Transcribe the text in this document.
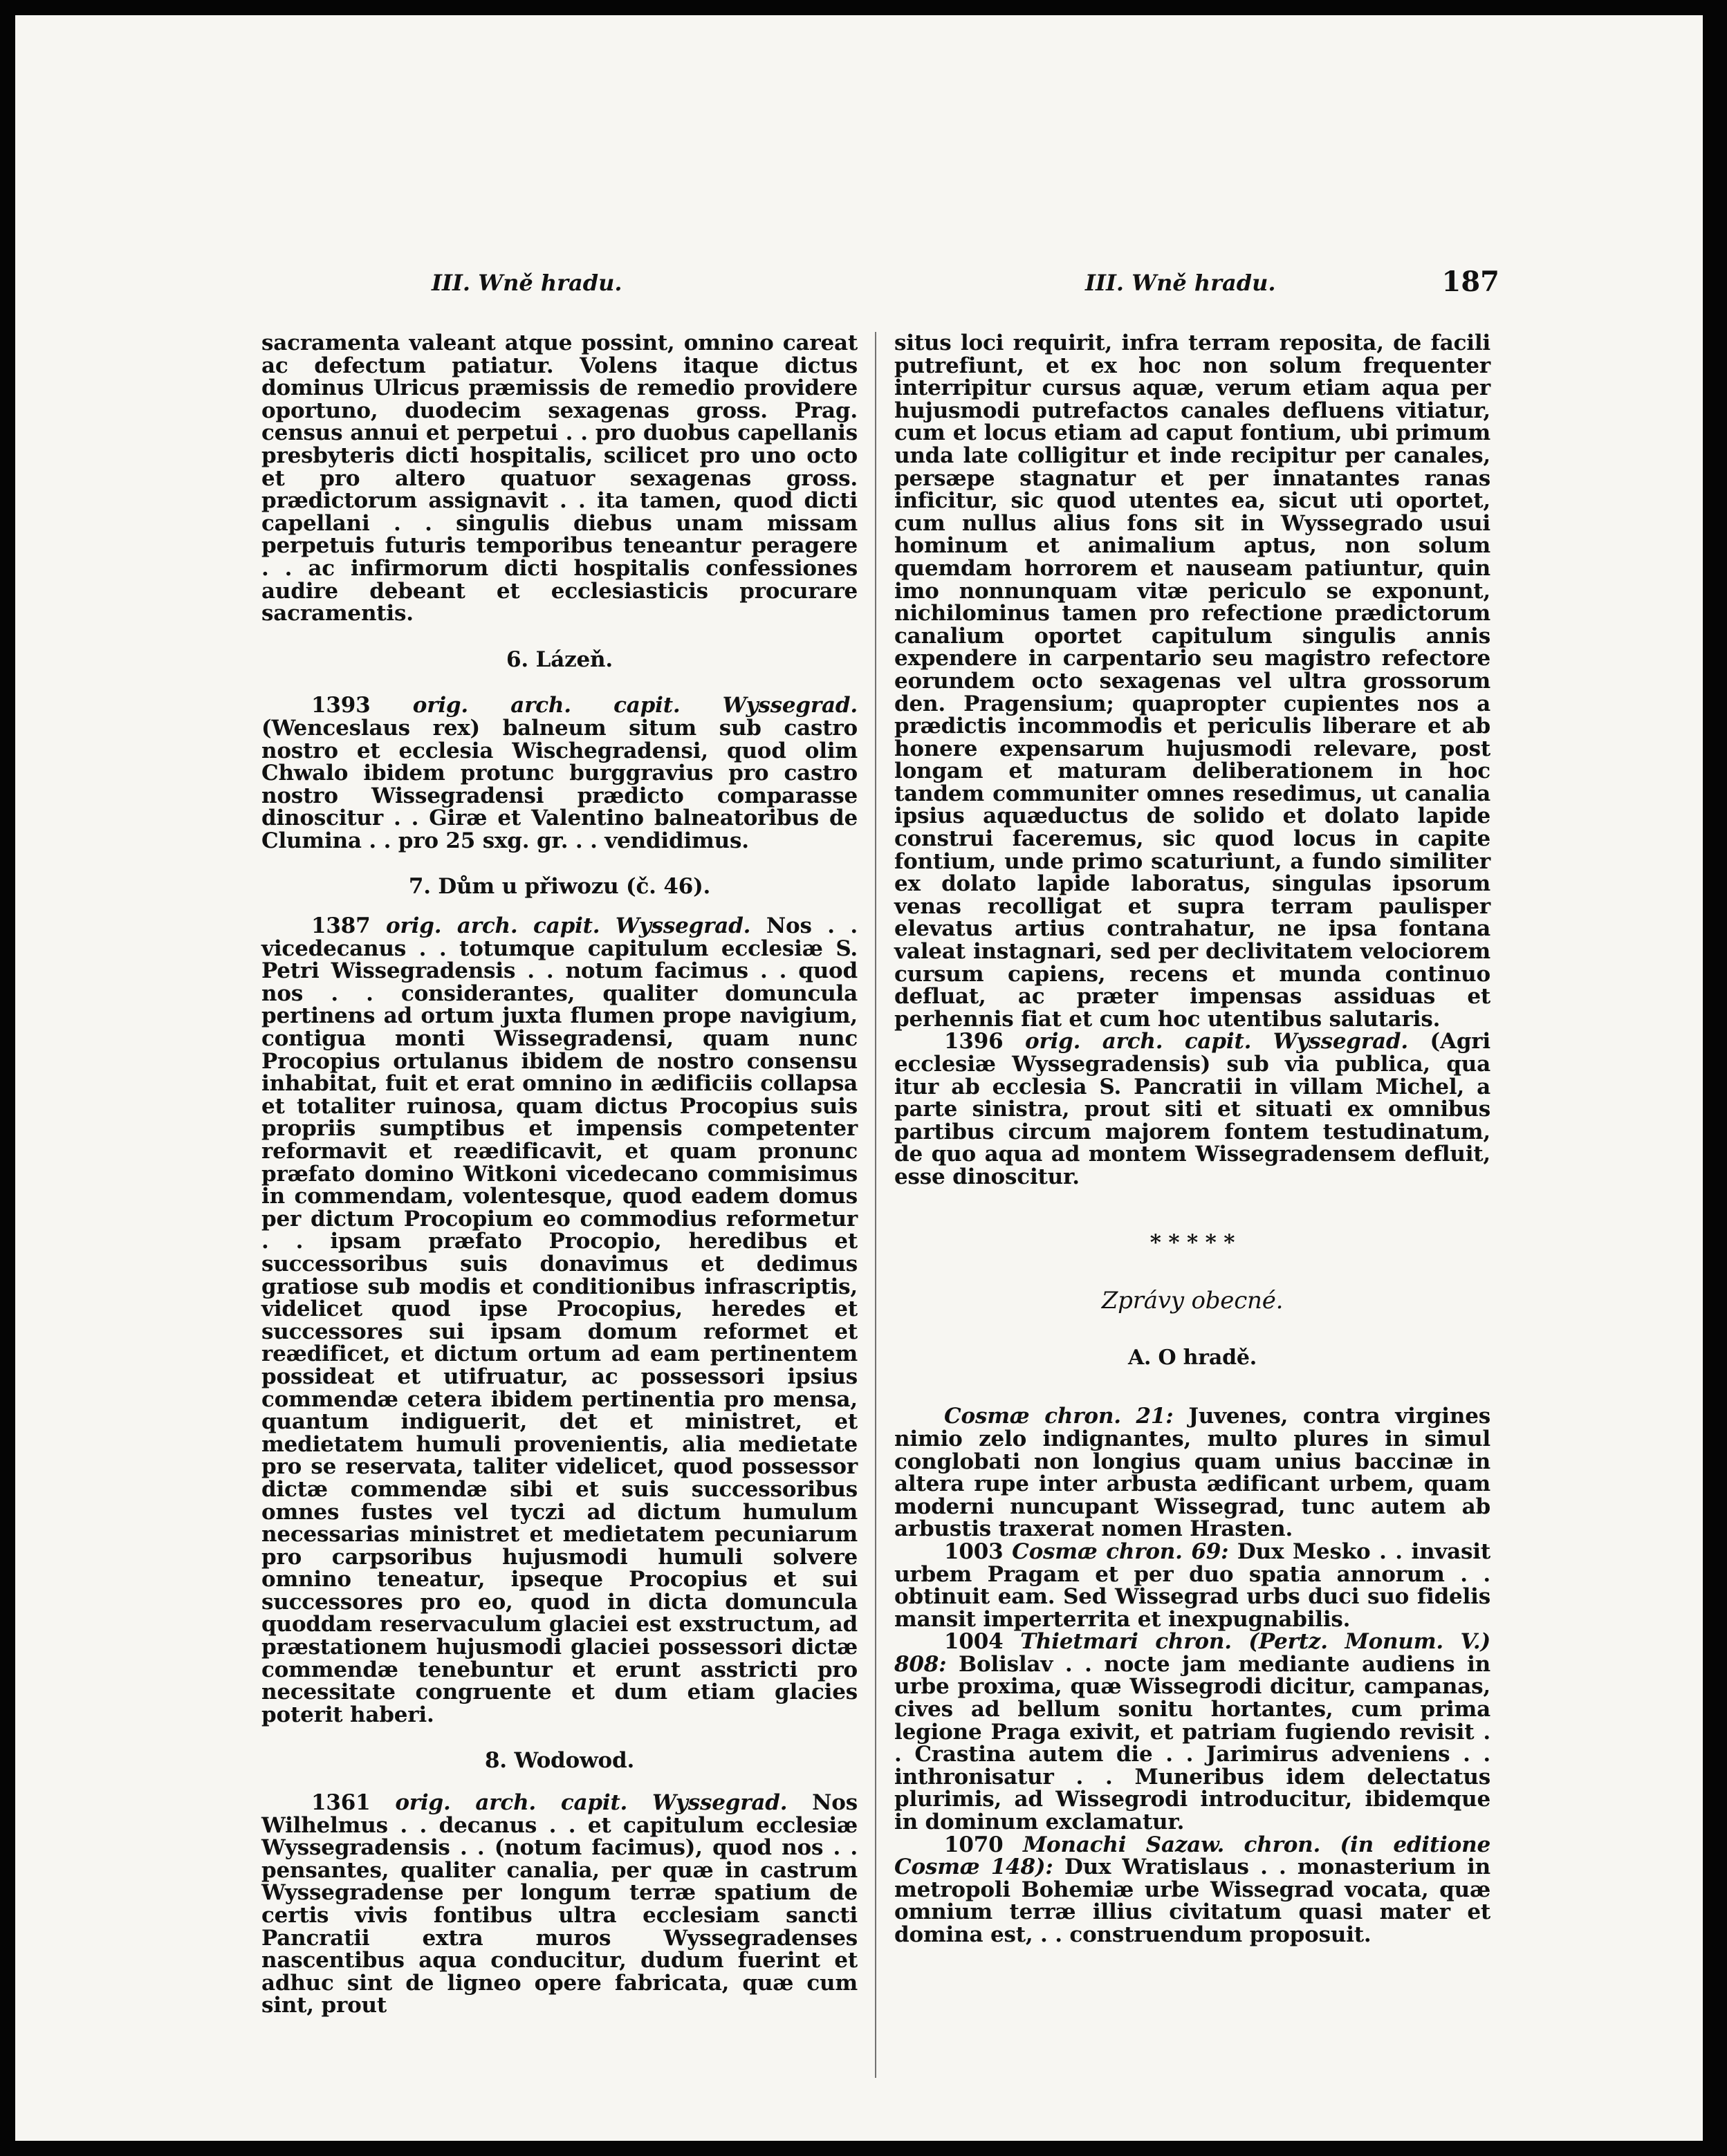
III. Wně hradu.	III. Wně hradu.	187

sacramenta valeant atque possint, omnino careat ac defectum patiatur. Volens itaque dictus dominus Ulricus præmissis de remedio providere oportuno, duodecim sexagenas gross. Prag. census annui et perpetui . . pro duobus capellanis presbyteris dicti hospitalis, scilicet pro uno octo et pro altero quatuor sexagenas gross. prædictorum assignavit . . ita tamen, quod dicti capellani . . singulis diebus unam missam perpetuis futuris temporibus teneantur peragere . . ac infirmorum dicti hospitalis confessiones audire debeant et ecclesiasticis procurare sacramentis.

6. Lázeň.

1393 orig. arch. capit. Wyssegrad. (Wenceslaus rex) balneum situm sub castro nostro et ecclesia Wischegradensi, quod olim Chwalo ibidem protunc burggravius pro castro nostro Wissegradensi prædicto comparasse dinoscitur . . Giræ et Valentino balneatoribus de Clumina . . pro 25 sxg. gr. . . vendidimus.

7. Dům u přiwozu (č. 46).

1387 orig. arch. capit. Wyssegrad. Nos . . vicedecanus . . totumque capitulum ecclesiæ S. Petri Wissegradensis . . notum facimus . . quod nos . . considerantes, qualiter domuncula pertinens ad ortum juxta flumen prope navigium, contigua monti Wissegradensi, quam nunc Procopius ortulanus ibidem de nostro consensu inhabitat, fuit et erat omnino in ædificiis collapsa et totaliter ruinosa, quam dictus Procopius suis propriis sumptibus et impensis competenter reformavit et reædificavit, et quam pronunc præfato domino Witkoni vicedecano commisimus in commendam, volentesque, quod eadem domus per dictum Procopium eo commodius reformetur . . ipsam præfato Procopio, heredibus et successoribus suis donavimus et dedimus gratiose sub modis et conditionibus infrascriptis, videlicet quod ipse Procopius, heredes et successores sui ipsam domum reformet et reædificet, et dictum ortum ad eam pertinentem possideat et utifruatur, ac possessori ipsius commendæ cetera ibidem pertinentia pro mensa, quantum indiguerit, det et ministret, et medietatem humuli provenientis, alia medietate pro se reservata, taliter videlicet, quod possessor dictæ commendæ sibi et suis successoribus omnes fustes vel tyczi ad dictum humulum necessarias ministret et medietatem pecuniarum pro carpsoribus hujusmodi humuli solvere omnino teneatur, ipseque Procopius et sui successores pro eo, quod in dicta domuncula quoddam reservaculum glaciei est exstructum, ad præstationem hujusmodi glaciei possessori dictæ commendæ tenebuntur et erunt asstricti pro necessitate congruente et dum etiam glacies poterit haberi.

8. Wodowod.

1361 orig. arch. capit. Wyssegrad. Nos Wilhelmus . . decanus . . et capitulum ecclesiæ Wyssegradensis . . (notum facimus), quod nos . . pensantes, qualiter canalia, per quæ in castrum Wyssegradense per longum terræ spatium de certis vivis fontibus ultra ecclesiam sancti Pancratii extra muros Wyssegradenses nascentibus aqua conducitur, dudum fuerint et adhuc sint de ligneo opere fabricata, quæ cum sint, prout

situs loci requirit, infra terram reposita, de facili putrefiunt, et ex hoc non solum frequenter interripitur cursus aquæ, verum etiam aqua per hujusmodi putrefactos canales defluens vitiatur, cum et locus etiam ad caput fontium, ubi primum unda late colligitur et inde recipitur per canales, persæpe stagnatur et per innatantes ranas inficitur, sic quod utentes ea, sicut uti oportet, cum nullus alius fons sit in Wyssegrado usui hominum et animalium aptus, non solum quemdam horrorem et nauseam patiuntur, quin imo nonnunquam vitæ periculo se exponunt, nichilominus tamen pro refectione prædictorum canalium oportet capitulum singulis annis expendere in carpentario seu magistro refectore eorundem octo sexagenas vel ultra grossorum den. Pragensium; quapropter cupientes nos a prædictis incommodis et periculis liberare et ab honere expensarum hujusmodi relevare, post longam et maturam deliberationem in hoc tandem communiter omnes resedimus, ut canalia ipsius aquæductus de solido et dolato lapide construi faceremus, sic quod locus in capite fontium, unde primo scaturiunt, a fundo similiter ex dolato lapide laboratus, singulas ipsorum venas recolligat et supra terram paulisper elevatus artius contrahatur, ne ipsa fontana valeat instagnari, sed per declivitatem velociorem cursum capiens, recens et munda continuo defluat, ac præter impensas assiduas et perhennis fiat et cum hoc utentibus salutaris.

1396 orig. arch. capit. Wyssegrad. (Agri ecclesiæ Wyssegradensis) sub via publica, qua itur ab ecclesia S. Pancratii in villam Michel, a parte sinistra, prout siti et situati ex omnibus partibus circum majorem fontem testudinatum, de quo aqua ad montem Wissegradensem defluit, esse dinoscitur.

* * * * *

Zprávy obecné.

A. O hradě.

Cosmæ chron. 21: Juvenes, contra virgines nimio zelo indignantes, multo plures in simul conglobati non longius quam unius baccinæ in altera rupe inter arbusta ædificant urbem, quam moderni nuncupant Wissegrad, tunc autem ab arbustis traxerat nomen Hrasten.

1003 Cosmæ chron. 69: Dux Mesko . . invasit urbem Pragam et per duo spatia annorum . . obtinuit eam. Sed Wissegrad urbs duci suo fidelis mansit imperterrita et inexpugnabilis.

1004 Thietmari chron. (Pertz. Monum. V.) 808: Bolislav . . nocte jam mediante audiens in urbe proxima, quæ Wissegrodi dicitur, campanas, cives ad bellum sonitu hortantes, cum prima legione Praga exivit, et patriam fugiendo revisit . . Crastina autem die . . Jarimirus adveniens . . inthronisatur . . Muneribus idem delectatus plurimis, ad Wissegrodi introducitur, ibidemque in dominum exclamatur.

1070 Monachi Sazaw. chron. (in editione Cosmæ 148): Dux Wratislaus . . monasterium in metropoli Bohemiæ urbe Wissegrad vocata, quæ omnium terræ illius civitatum quasi mater et domina est, . . construendum proposuit.
